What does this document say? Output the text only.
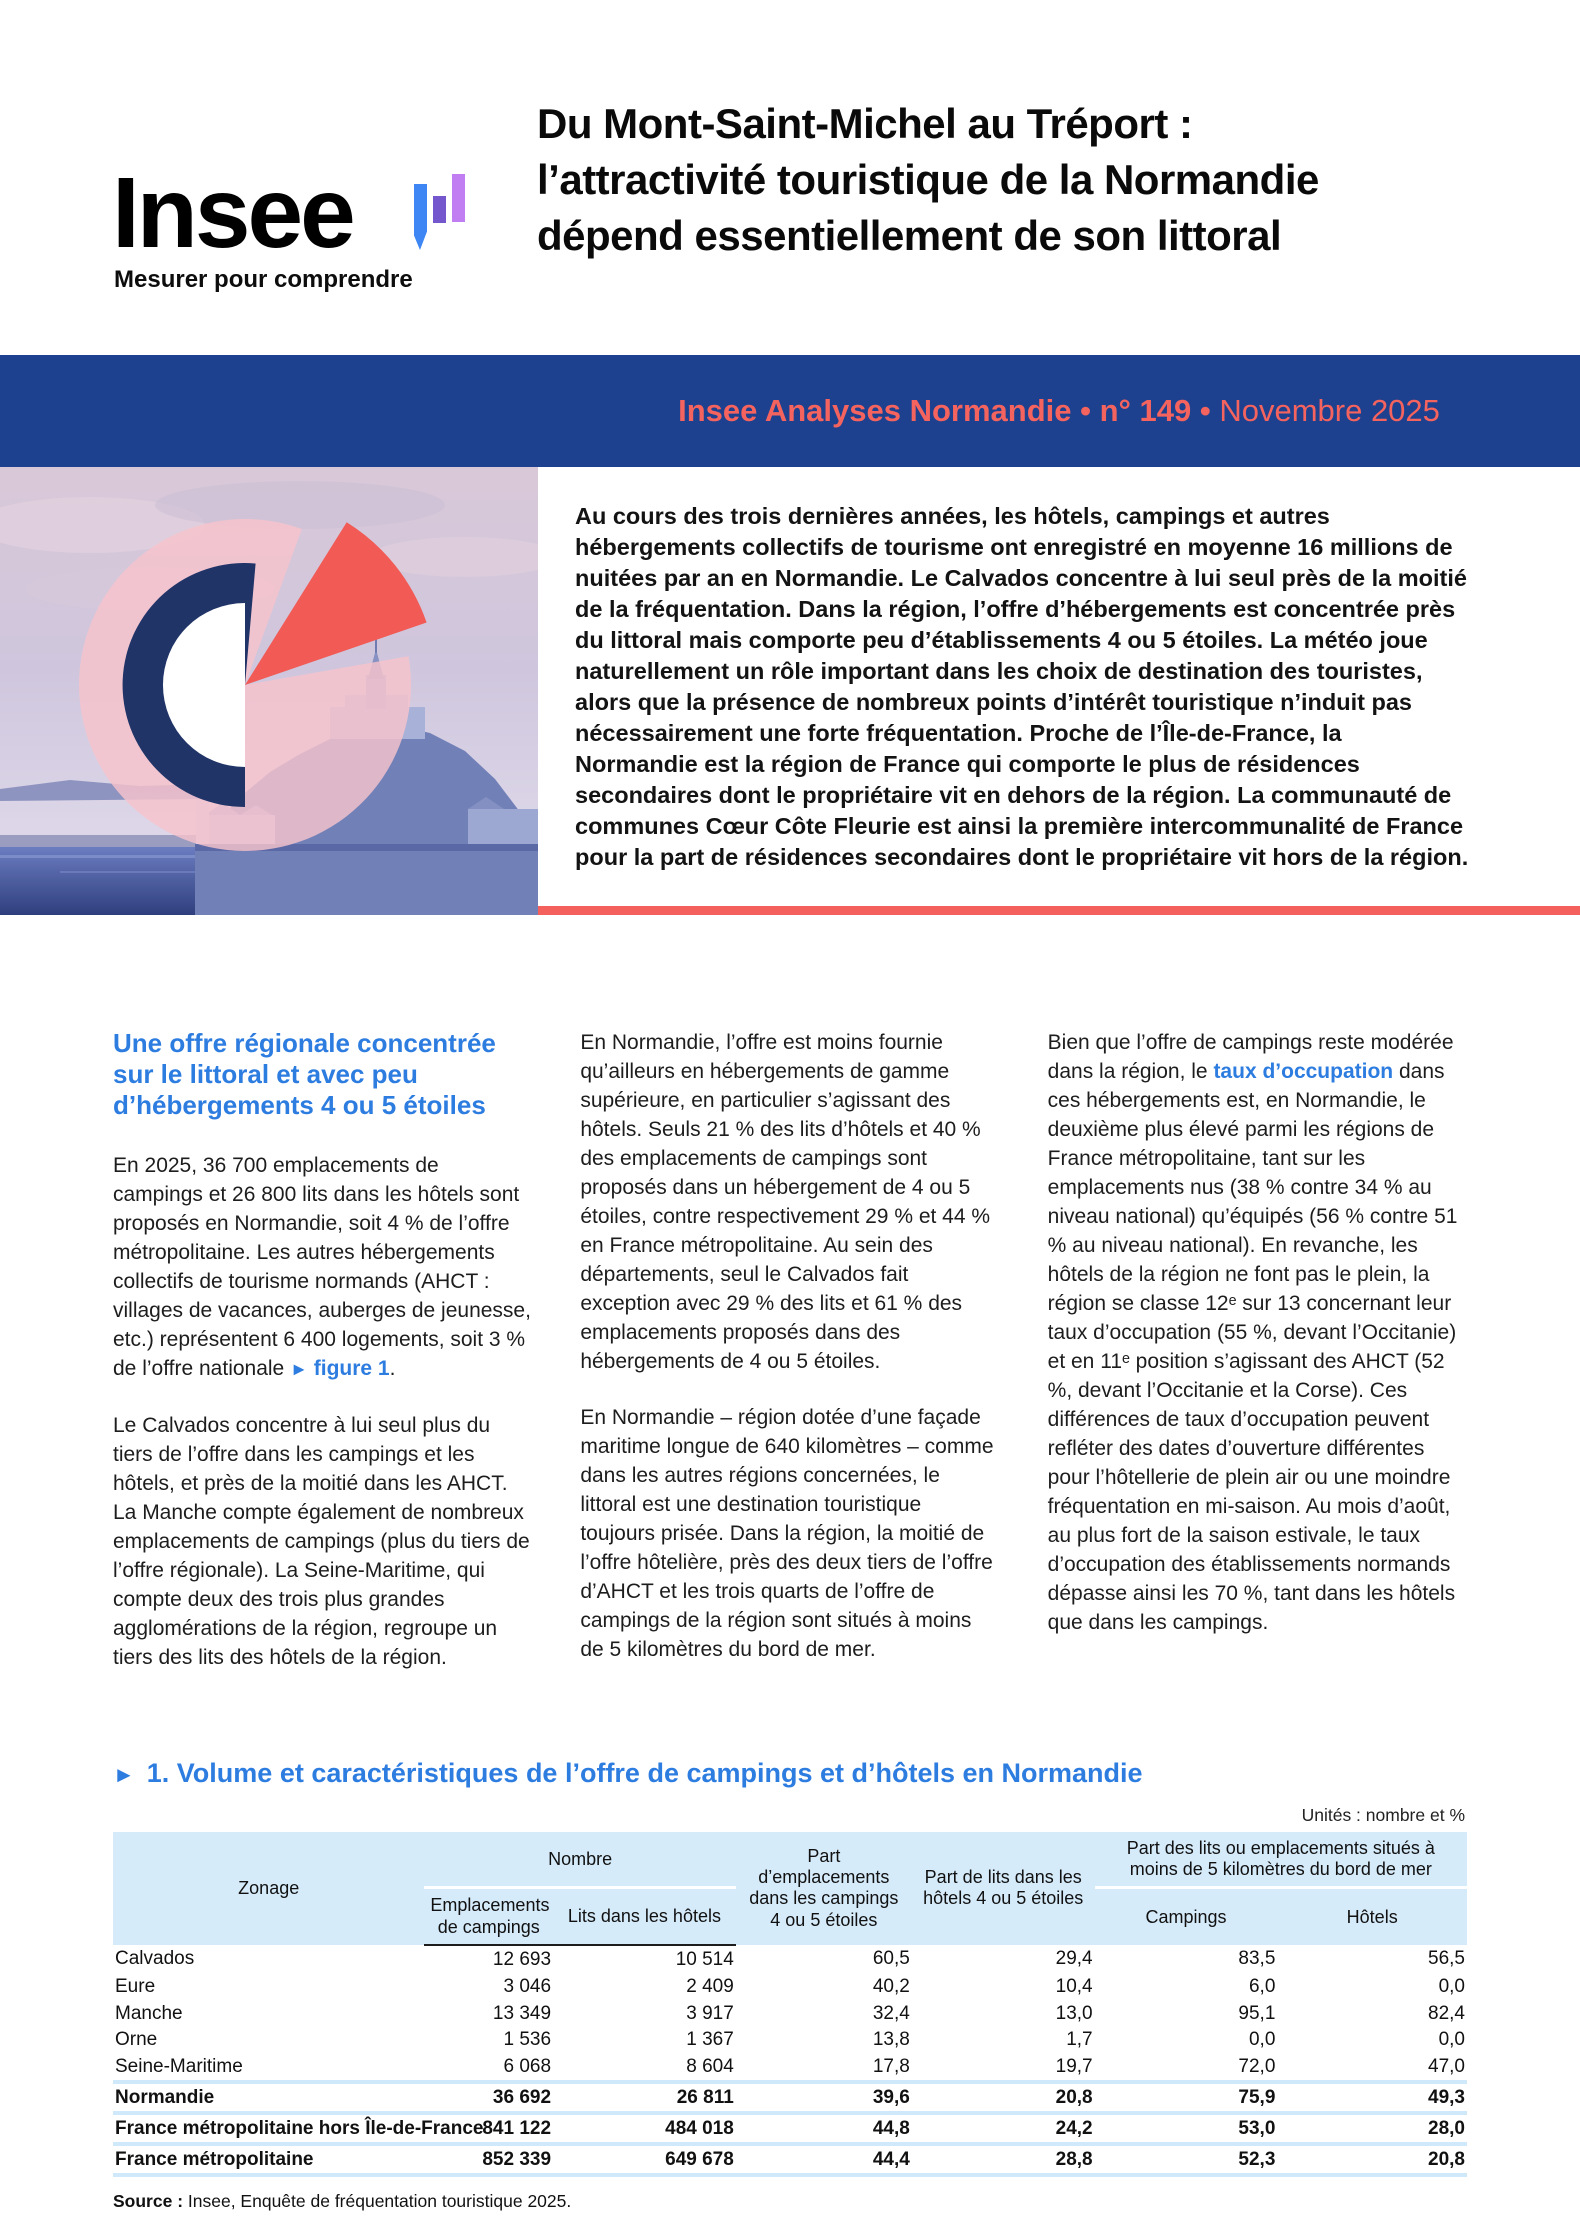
Insee
Mesurer pour comprendre
Du Mont-Saint-Michel au Tréport :
l’attractivité touristique de la Normandie
dépend essentiellement de son littoral
Insee Analyses Normandie • n° 149 • Novembre 2025
Au cours des trois dernières années, les hôtels, campings et autres hébergements collectifs de tourisme ont enregistré en moyenne 16 millions de nuitées par an en Normandie. Le Calvados concentre à lui seul près de la moitié de la fréquentation. Dans la région, l’offre d’hébergements est concentrée près du littoral mais comporte peu d’établissements 4 ou 5 étoiles. La météo joue naturellement un rôle important dans les choix de destination des touristes, alors que la présence de nombreux points d’intérêt touristique n’induit pas nécessairement une forte fréquentation. Proche de l’Île-de-France, la Normandie est la région de France qui comporte le plus de résidences secondaires dont le propriétaire vit en dehors de la région. La communauté de communes Cœur Côte Fleurie est ainsi la première intercommunalité de France pour la part de résidences secondaires dont le propriétaire vit hors de la région.
Une offre régionale concentrée sur le littoral et avec peu d’hébergements 4 ou 5 étoiles

En 2025, 36 700 emplacements de campings et 26 800 lits dans les hôtels sont proposés en Normandie, soit 4 % de l’offre métropolitaine. Les autres hébergements collectifs de tourisme normands (AHCT : villages de vacances, auberges de jeunesse, etc.) représentent 6 400 logements, soit 3 % de l’offre nationale ► figure 1.

Le Calvados concentre à lui seul plus du tiers de l’offre dans les campings et les hôtels, et près de la moitié dans les AHCT. La Manche compte également de nombreux emplacements de campings (plus du tiers de l’offre régionale). La Seine-Maritime, qui compte deux des trois plus grandes agglomérations de la région, regroupe un tiers des lits des hôtels de la région.

En Normandie, l’offre est moins fournie qu’ailleurs en hébergements de gamme supérieure, en particulier s’agissant des hôtels. Seuls 21 % des lits d’hôtels et 40 % des emplacements de campings sont proposés dans un hébergement de 4 ou 5 étoiles, contre respectivement 29 % et 44 % en France métropolitaine. Au sein des départements, seul le Calvados fait exception avec 29 % des lits et 61 % des emplacements proposés dans des hébergements de 4 ou 5 étoiles.

En Normandie – région dotée d’une façade maritime longue de 640 kilomètres – comme dans les autres régions concernées, le littoral est une destination touristique toujours prisée. Dans la région, la moitié de l’offre hôtelière, près des deux tiers de l’offre d’AHCT et les trois quarts de l’offre de campings de la région sont situés à moins de 5 kilomètres du bord de mer.

Bien que l’offre de campings reste modérée dans la région, le taux d’occupation dans ces hébergements est, en Normandie, le deuxième plus élevé parmi les régions de France métropolitaine, tant sur les emplacements nus (38 % contre 34 % au niveau national) qu’équipés (56 % contre 51 % au niveau national). En revanche, les hôtels de la région ne font pas le plein, la région se classe 12ᵉ sur 13 concernant leur taux d’occupation (55 %, devant l’Occitanie) et en 11ᵉ position s’agissant des AHCT (52 %, devant l’Occitanie et la Corse). Ces différences de taux d’occupation peuvent refléter des dates d’ouverture différentes pour l’hôtellerie de plein air ou une moindre fréquentation en mi-saison. Au mois d’août, au plus fort de la saison estivale, le taux d’occupation des établissements normands dépasse ainsi les 70 %, tant dans les hôtels que dans les campings.

► 1. Volume et caractéristiques de l’offre de campings et d’hôtels en Normandie
Unités : nombre et %
Zonage	Nombre		Part d’emplacements dans les campings 4 ou 5 étoiles	Part de lits dans les hôtels 4 ou 5 étoiles	Part des lits ou emplacements situés à moins de 5 kilomètres du bord de mer	
	Emplacements de campings	Lits dans les hôtels			Campings	Hôtels
Calvados	12 693	10 514	60,5	29,4	83,5	56,5
Eure	3 046	2 409	40,2	10,4	6,0	0,0
Manche	13 349	3 917	32,4	13,0	95,1	82,4
Orne	1 536	1 367	13,8	1,7	0,0	0,0
Seine-Maritime	6 068	8 604	17,8	19,7	72,0	47,0
Normandie	36 692	26 811	39,6	20,8	75,9	49,3
France métropolitaine hors Île-de-France	841 122	484 018	44,8	24,2	53,0	28,0
France métropolitaine	852 339	649 678	44,4	28,8	52,3	20,8

Source : Insee, Enquête de fréquentation touristique 2025.
